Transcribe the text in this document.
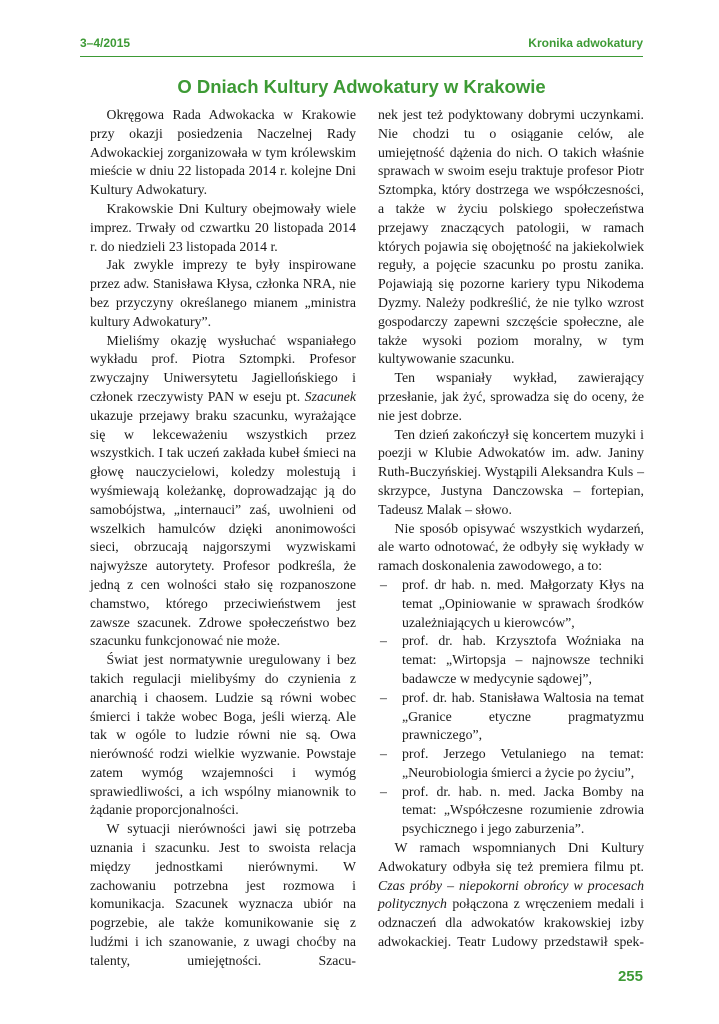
3–4/2015	Kronika adwokatury
O Dniach Kultury Adwokatury w Krakowie

Okręgowa Rada Adwokacka w Krakowie przy okazji posiedzenia Naczelnej Rady Adwokackiej zorganizowała w tym królewskim mieście w dniu 22 listopada 2014 r. kolejne Dni Kultury Adwokatury.

Krakowskie Dni Kultury obejmowały wiele imprez. Trwały od czwartku 20 listopada 2014 r. do niedzieli 23 listopada 2014 r.

Jak zwykle imprezy te były inspirowane przez adw. Stanisława Kłysa, członka NRA, nie bez przyczyny określanego mianem „ministra kultury Adwokatury”.

Mieliśmy okazję wysłuchać wspaniałego wykładu prof. Piotra Sztompki. Profesor zwyczajny Uniwersytetu Jagiellońskiego i członek rzeczywisty PAN w eseju pt. Szacunek ukazuje przejawy braku szacunku, wyrażające się w lekceważeniu wszystkich przez wszystkich. I tak uczeń zakłada kubeł śmieci na głowę nauczycielowi, koledzy molestują i wyśmiewają koleżankę, doprowadzając ją do samobójstwa, „internauci” zaś, uwolnieni od wszelkich hamulców dzięki anonimowości sieci, obrzucają najgorszymi wyzwiskami najwyższe autorytety. Profesor podkreśla, że jedną z cen wolności stało się rozpanoszone chamstwo, którego przeciwieństwem jest zawsze szacunek. Zdrowe społeczeństwo bez szacunku funkcjonować nie może.

Świat jest normatywnie uregulowany i bez takich regulacji mielibyśmy do czynienia z anarchią i chaosem. Ludzie są równi wobec śmierci i także wobec Boga, jeśli wierzą. Ale tak w ogóle to ludzie równi nie są. Owa nierówność rodzi wielkie wyzwanie. Powstaje zatem wymóg wzajemności i wymóg sprawiedliwości, a ich wspólny mianownik to żądanie proporcjonalności.

W sytuacji nierówności jawi się potrzeba uznania i szacunku. Jest to swoista relacja między jednostkami nierównymi. W zachowaniu potrzebna jest rozmowa i komunikacja. Szacunek wyznacza ubiór na pogrzebie, ale także komunikowanie się z ludźmi i ich szanowanie, z uwagi choćby na talenty, umiejętności. Szacu-

nek jest też podyktowany dobrymi uczynkami. Nie chodzi tu o osiąganie celów, ale umiejętność dążenia do nich. O takich właśnie sprawach w swoim eseju traktuje profesor Piotr Sztompka, który dostrzega we współczesności, a także w życiu polskiego społeczeństwa przejawy znaczących patologii, w ramach których pojawia się obojętność na jakiekolwiek reguły, a pojęcie szacunku po prostu zanika. Pojawiają się pozorne kariery typu Nikodema Dyzmy. Należy podkreślić, że nie tylko wzrost gospodarczy zapewni szczęście społeczne, ale także wysoki poziom moralny, w tym kultywowanie szacunku.

Ten wspaniały wykład, zawierający przesłanie, jak żyć, sprowadza się do oceny, że nie jest dobrze.

Ten dzień zakończył się koncertem muzyki i poezji w Klubie Adwokatów im. adw. Janiny Ruth-Buczyńskiej. Wystąpili Aleksandra Kuls – skrzypce, Justyna Danczowska – fortepian, Tadeusz Malak – słowo.

Nie sposób opisywać wszystkich wydarzeń, ale warto odnotować, że odbyły się wykłady w ramach doskonalenia zawodowego, a to:

– prof. dr hab. n. med. Małgorzaty Kłys na temat „Opiniowanie w sprawach środków uzależniających u kierowców”,
– prof. dr. hab. Krzysztofa Woźniaka na temat: „Wirtopsja – najnowsze techniki badawcze w medycynie sądowej”,
– prof. dr. hab. Stanisława Waltosia na temat „Granice etyczne pragmatyzmu prawniczego”,
– prof. Jerzego Vetulaniego na temat: „Neurobiologia śmierci a życie po życiu”,
– prof. dr. hab. n. med. Jacka Bomby na temat: „Współczesne rozumienie zdrowia psychicznego i jego zaburzenia”.

W ramach wspomnianych Dni Kultury Adwokatury odbyła się też premiera filmu pt. Czas próby – niepokorni obrońcy w procesach politycznych połączona z wręczeniem medali i odznaczeń dla adwokatów krakowskiej izby adwokackiej. Teatr Ludowy przedstawił spek-

255
